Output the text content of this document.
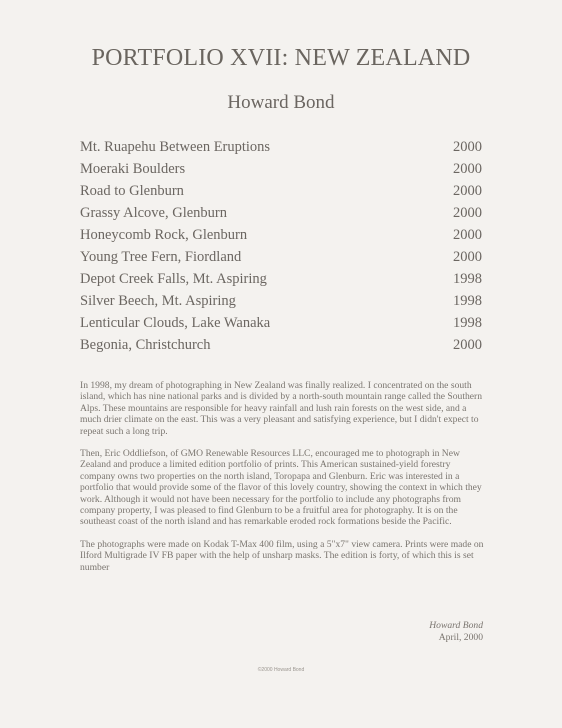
PORTFOLIO XVII: NEW ZEALAND
Howard Bond
Mt. Ruapehu Between Eruptions	2000
Moeraki Boulders	2000
Road to Glenburn	2000
Grassy Alcove, Glenburn	2000
Honeycomb Rock, Glenburn	2000
Young Tree Fern, Fiordland	2000
Depot Creek Falls, Mt. Aspiring	1998
Silver Beech, Mt. Aspiring	1998
Lenticular Clouds, Lake Wanaka	1998
Begonia, Christchurch	2000

In 1998, my dream of photographing in New Zealand was finally realized. I concentrated on the south island, which has nine national parks and is divided by a north-south mountain range called the Southern Alps. These mountains are responsible for heavy rainfall and lush rain forests on the west side, and a much drier climate on the east. This was a very pleasant and satisfying experience, but I didn't expect to repeat such a long trip.

Then, Eric Oddliefson, of GMO Renewable Resources LLC, encouraged me to photograph in New Zealand and produce a limited edition portfolio of prints. This American sustained-yield forestry company owns two properties on the north island, Toropapa and Glenburn. Eric was interested in a portfolio that would provide some of the flavor of this lovely country, showing the context in which they work. Although it would not have been necessary for the portfolio to include any photographs from company property, I was pleased to find Glenburn to be a fruitful area for photography. It is on the southeast coast of the north island and has remarkable eroded rock formations beside the Pacific.

The photographs were made on Kodak T-Max 400 film, using a 5"x7" view camera. Prints were made on Ilford Multigrade IV FB paper with the help of unsharp masks. The edition is forty, of which this is set number

Howard Bond
April, 2000
©2000 Howard Bond
